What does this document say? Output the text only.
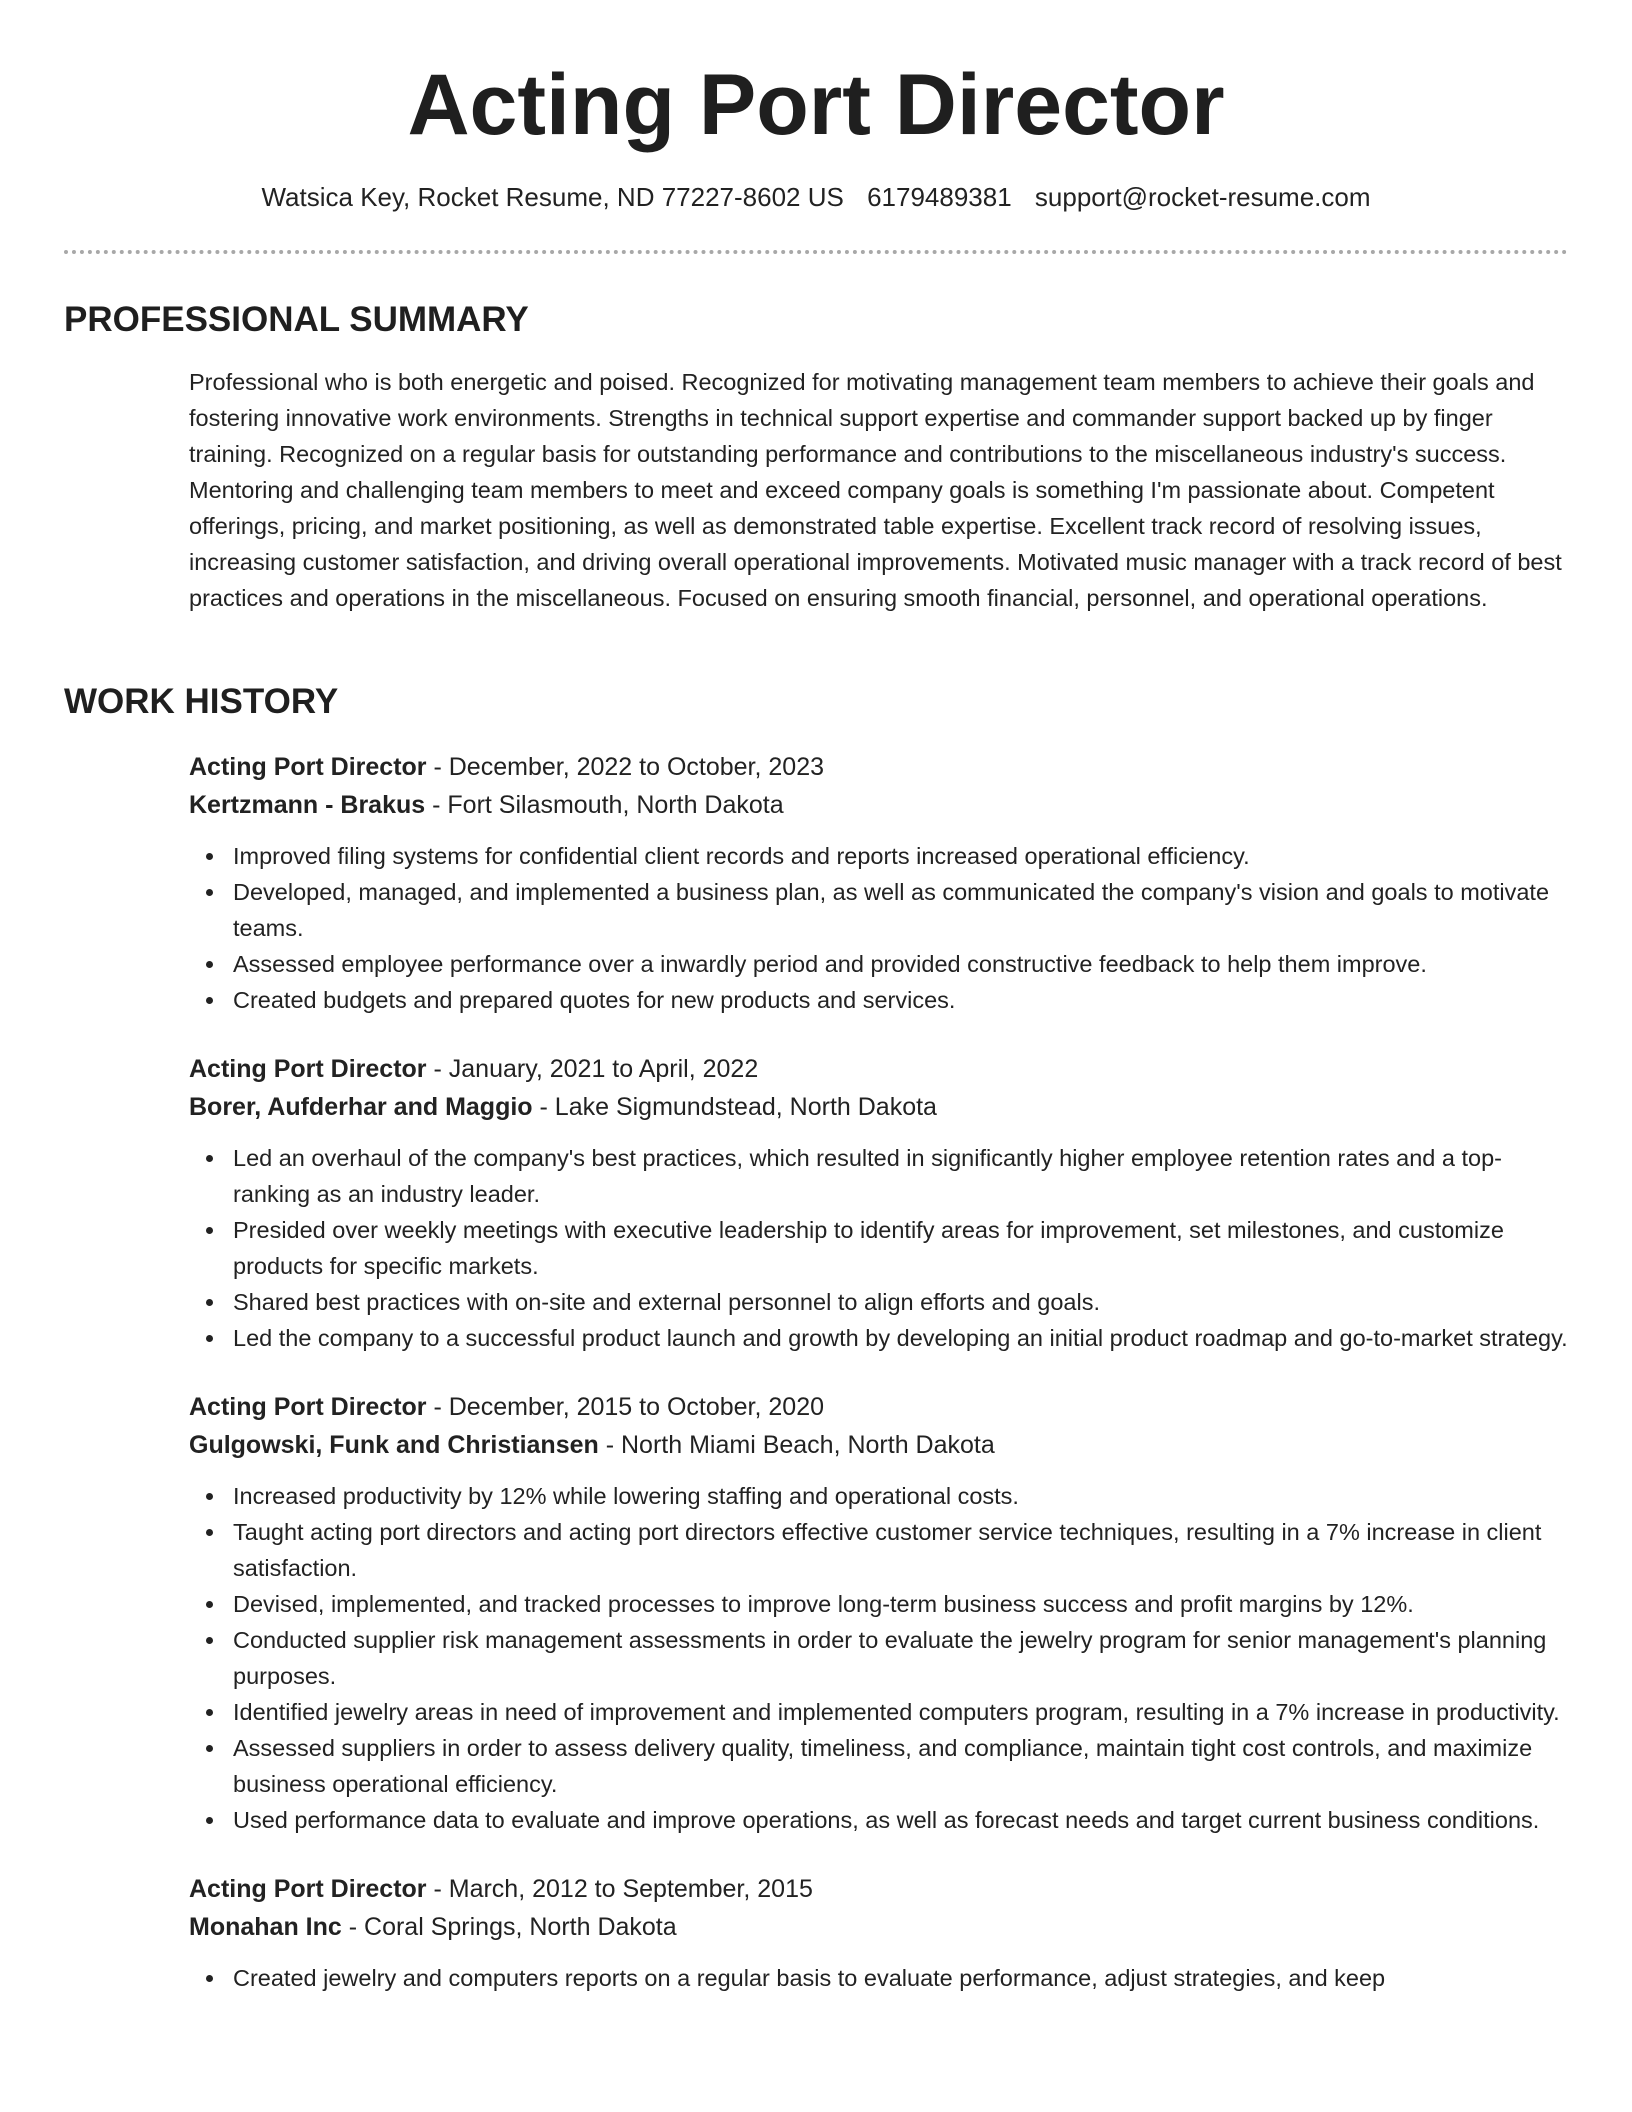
Acting Port Director
Watsica Key, Rocket Resume, ND 77227-8602 US 6179489381 support@rocket-resume.com
PROFESSIONAL SUMMARY

Professional who is both energetic and poised. Recognized for motivating management team members to achieve their goals and fostering innovative work environments. Strengths in technical support expertise and commander support backed up by finger training. Recognized on a regular basis for outstanding performance and contributions to the miscellaneous industry's success. Mentoring and challenging team members to meet and exceed company goals is something I'm passionate about. Competent offerings, pricing, and market positioning, as well as demonstrated table expertise. Excellent track record of resolving issues, increasing customer satisfaction, and driving overall operational improvements. Motivated music manager with a track record of best practices and operations in the miscellaneous. Focused on ensuring smooth financial, personnel, and operational operations.

WORK HISTORY

Acting Port Director - December, 2022 to October, 2023

Kertzmann - Brakus - Fort Silasmouth, North Dakota

Improved filing systems for confidential client records and reports increased operational efficiency.
Developed, managed, and implemented a business plan, as well as communicated the company's vision and goals to motivate teams.
Assessed employee performance over a inwardly period and provided constructive feedback to help them improve.
Created budgets and prepared quotes for new products and services.

Acting Port Director - January, 2021 to April, 2022

Borer, Aufderhar and Maggio - Lake Sigmundstead, North Dakota

Led an overhaul of the company's best practices, which resulted in significantly higher employee retention rates and a top-ranking as an industry leader.
Presided over weekly meetings with executive leadership to identify areas for improvement, set milestones, and customize products for specific markets.
Shared best practices with on-site and external personnel to align efforts and goals.
Led the company to a successful product launch and growth by developing an initial product roadmap and go-to-market strategy.

Acting Port Director - December, 2015 to October, 2020

Gulgowski, Funk and Christiansen - North Miami Beach, North Dakota

Increased productivity by 12% while lowering staffing and operational costs.
Taught acting port directors and acting port directors effective customer service techniques, resulting in a 7% increase in client satisfaction.
Devised, implemented, and tracked processes to improve long-term business success and profit margins by 12%.
Conducted supplier risk management assessments in order to evaluate the jewelry program for senior management's planning purposes.
Identified jewelry areas in need of improvement and implemented computers program, resulting in a 7% increase in productivity.
Assessed suppliers in order to assess delivery quality, timeliness, and compliance, maintain tight cost controls, and maximize business operational efficiency.
Used performance data to evaluate and improve operations, as well as forecast needs and target current business conditions.

Acting Port Director - March, 2012 to September, 2015

Monahan Inc - Coral Springs, North Dakota

Created jewelry and computers reports on a regular basis to evaluate performance, adjust strategies, and keep
